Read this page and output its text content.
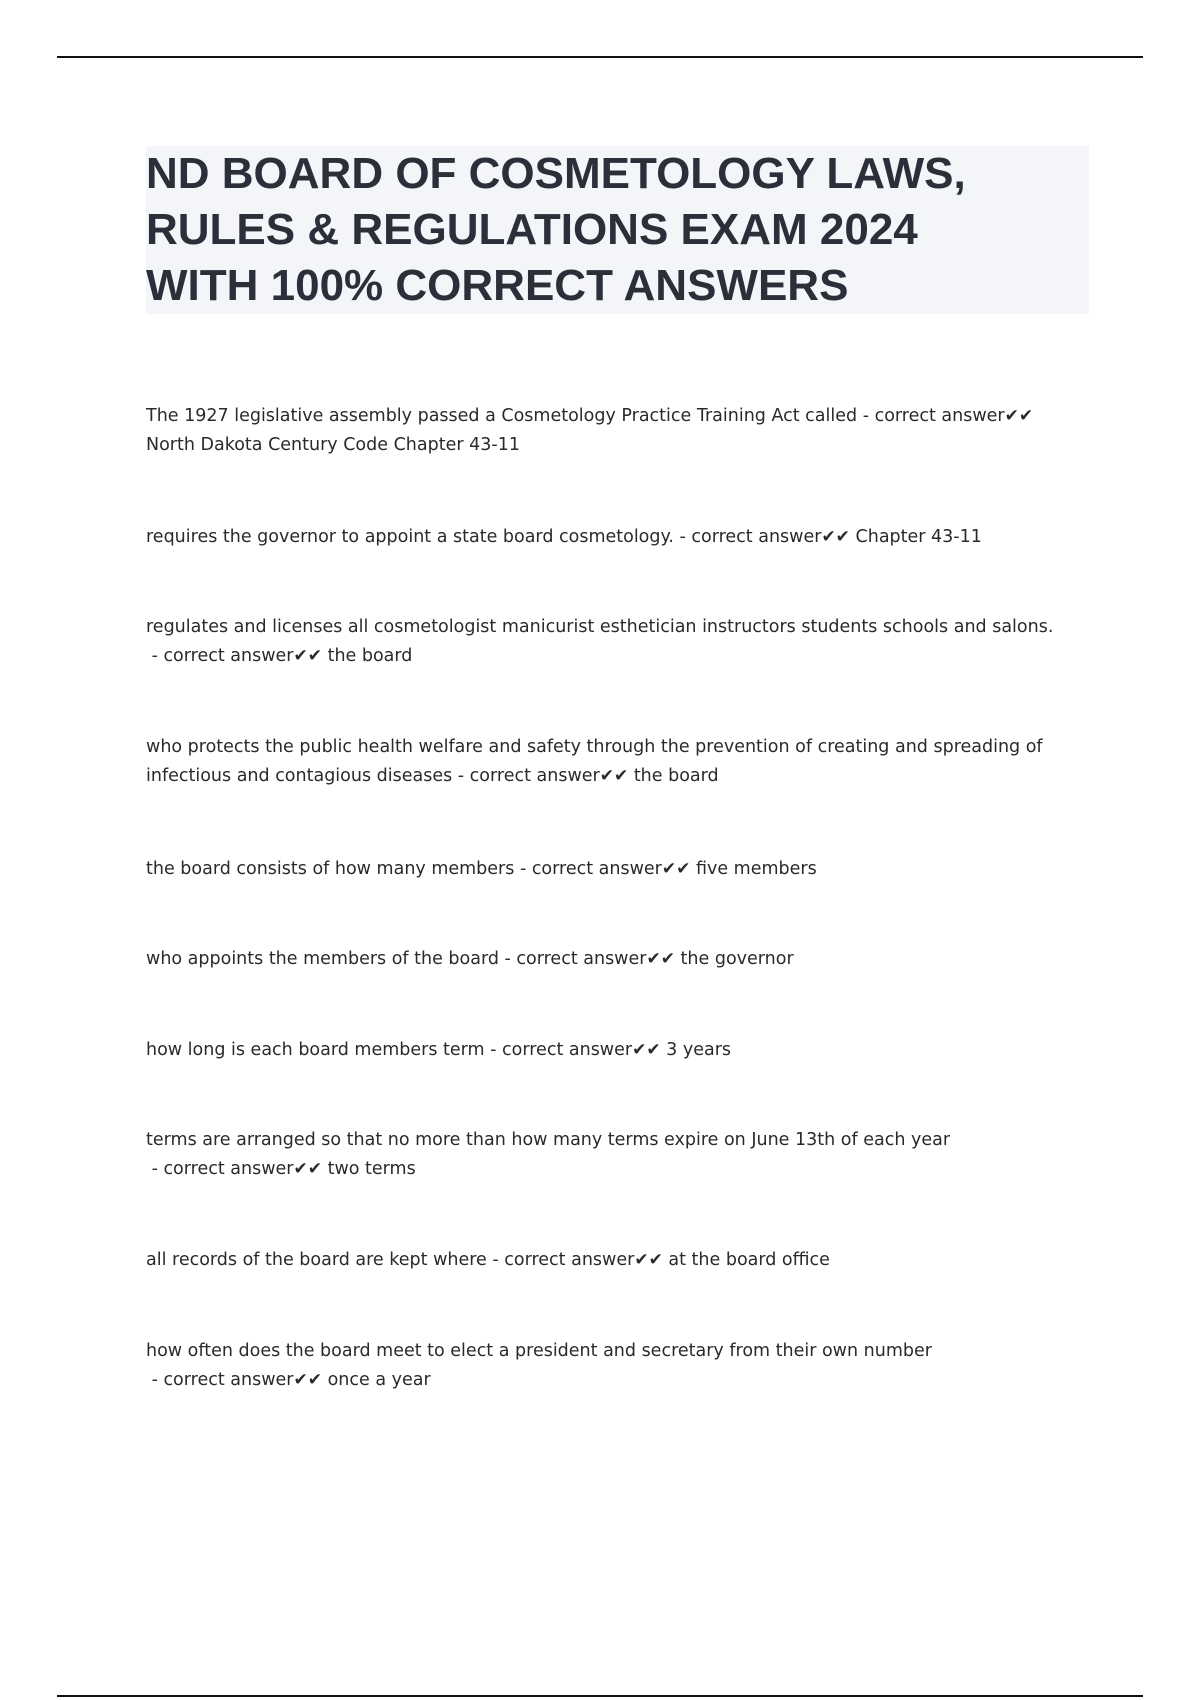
ND BOARD OF COSMETOLOGY LAWS,
RULES & REGULATIONS EXAM 2024
WITH 100% CORRECT ANSWERS
The 1927 legislative assembly passed a Cosmetology Practice Training Act called - correct answer✔✔ North Dakota Century Code Chapter 43-11
requires the governor to appoint a state board cosmetology. - correct answer✔✔ Chapter 43-11
regulates and licenses all cosmetologist manicurist esthetician instructors students schools and salons. - correct answer✔✔ the board
who protects the public health welfare and safety through the prevention of creating and spreading of infectious and contagious diseases - correct answer✔✔ the board
the board consists of how many members - correct answer✔✔ five members
who appoints the members of the board - correct answer✔✔ the governor
how long is each board members term - correct answer✔✔ 3 years
terms are arranged so that no more than how many terms expire on June 13th of each year - correct answer✔✔ two terms
all records of the board are kept where - correct answer✔✔ at the board office
how often does the board meet to elect a president and secretary from their own number - correct answer✔✔ once a year
